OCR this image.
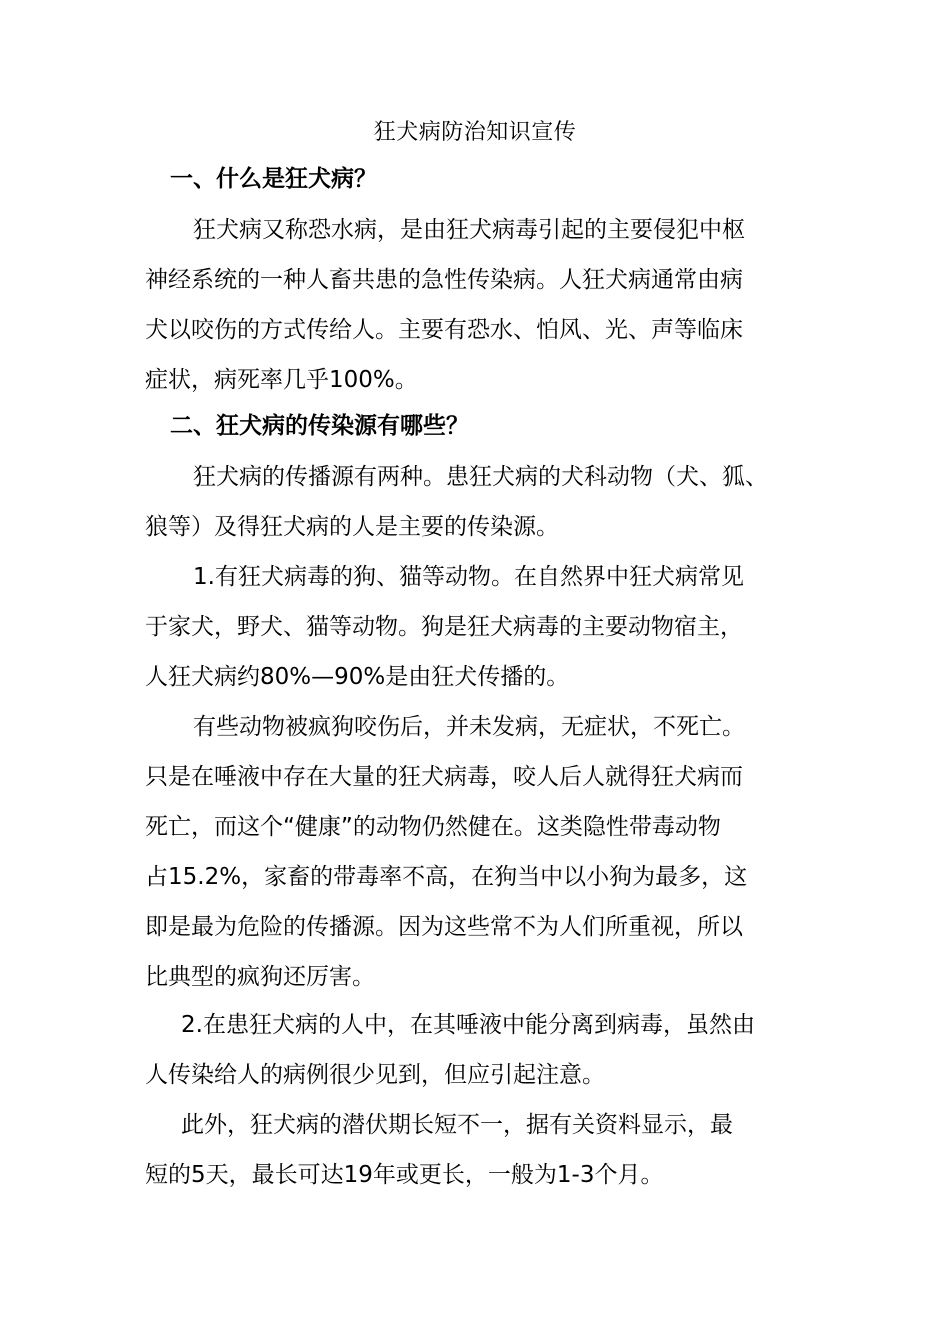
狂犬病防治知识宣传
一、什么是狂犬病？
狂犬病又称恐水病，是由狂犬病毒引起的主要侵犯中枢
神经系统的一种人畜共患的急性传染病。人狂犬病通常由病
犬以咬伤的方式传给人。主要有恐水、怕风、光、声等临床
症状，病死率几乎100%。
二、狂犬病的传染源有哪些？
狂犬病的传播源有两种。患狂犬病的犬科动物（犬、狐、
狼等）及得狂犬病的人是主要的传染源。
1.有狂犬病毒的狗、猫等动物。在自然界中狂犬病常见
于家犬，野犬、猫等动物。狗是狂犬病毒的主要动物宿主，
人狂犬病约80%—90%是由狂犬传播的。
有些动物被疯狗咬伤后，并未发病，无症状，不死亡。
只是在唾液中存在大量的狂犬病毒，咬人后人就得狂犬病而
死亡，而这个“健康”的动物仍然健在。这类隐性带毒动物
占15.2%，家畜的带毒率不高，在狗当中以小狗为最多，这
即是最为危险的传播源。因为这些常不为人们所重视，所以
比典型的疯狗还厉害。
2.在患狂犬病的人中，在其唾液中能分离到病毒，虽然由
人传染给人的病例很少见到，但应引起注意。
此外，狂犬病的潜伏期长短不一，据有关资料显示，最
短的5天，最长可达19年或更长，一般为1-3个月。
